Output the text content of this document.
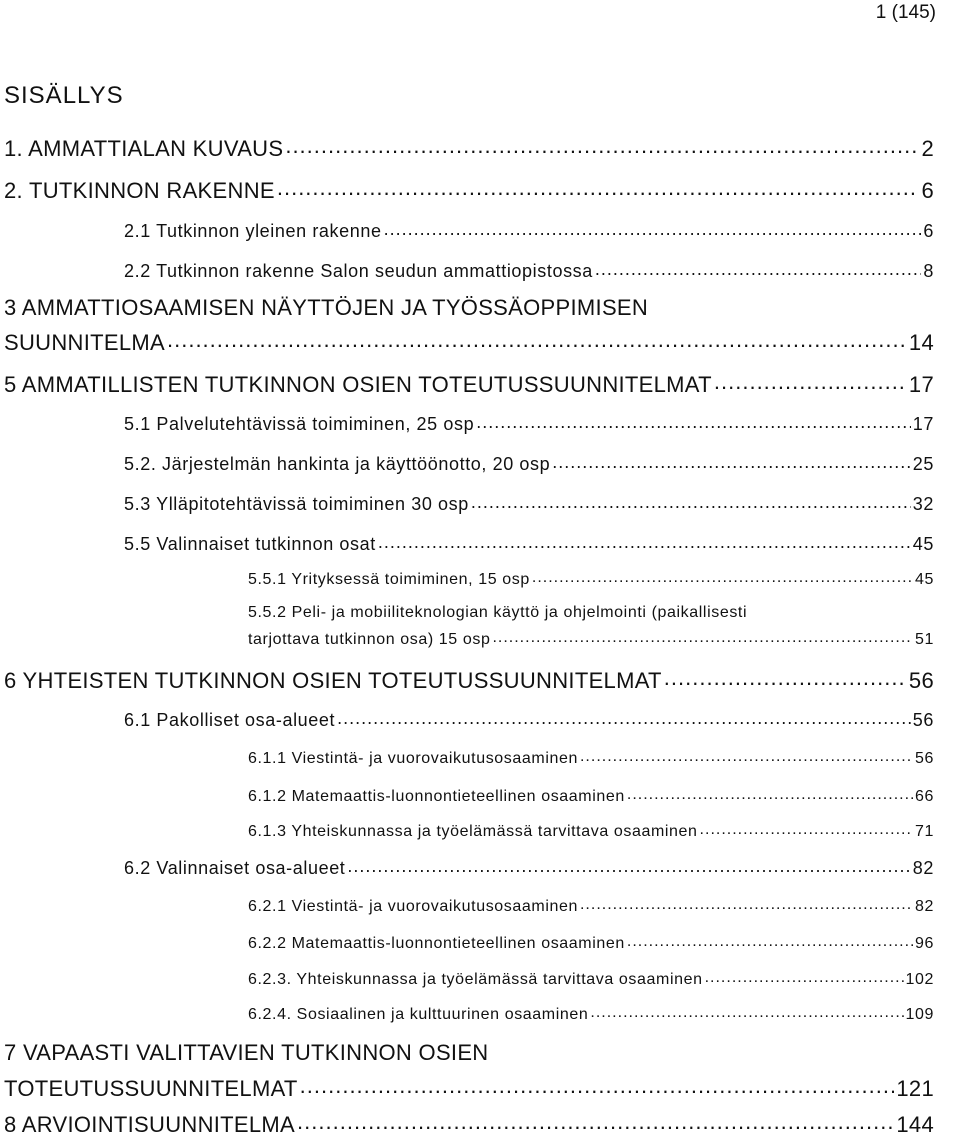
1 (145)
SISÄLLYS
1. AMMATTIALAN KUVAUS .....	2
2. TUTKINNON RAKENNE .....	6
2.1 Tutkinnon yleinen rakenne .....	6
2.2 Tutkinnon rakenne Salon seudun ammattiopistossa .....	8
3 AMMATTIOSAAMISEN NÄYTTÖJEN JA TYÖSSÄOPPIMISEN
SUUNNITELMA .....	14
5 AMMATILLISTEN TUTKINNON OSIEN TOTEUTUSSUUNNITELMAT .....	17
5.1 Palvelutehtävissä toimiminen, 25 osp .....	17
5.2. Järjestelmän hankinta ja käyttöönotto, 20 osp .....	25
5.3 Ylläpitotehtävissä toimiminen 30 osp .....	32
5.5 Valinnaiset tutkinnon osat .....	45
5.5.1 Yrityksessä toimiminen, 15 osp .....	45
5.5.2 Peli- ja mobiiliteknologian käyttö ja ohjelmointi (paikallisesti
tarjottava tutkinnon osa) 15 osp .....	51
6 YHTEISTEN TUTKINNON OSIEN TOTEUTUSSUUNNITELMAT .....	56
6.1 Pakolliset osa-alueet .....	56
6.1.1 Viestintä- ja vuorovaikutusosaaminen .....	56
6.1.2 Matemaattis-luonnontieteellinen osaaminen .....	66
6.1.3 Yhteiskunnassa ja työelämässä tarvittava osaaminen .....	71
6.2 Valinnaiset osa-alueet .....	82
6.2.1 Viestintä- ja vuorovaikutusosaaminen .....	82
6.2.2 Matemaattis-luonnontieteellinen osaaminen .....	96
6.2.3. Yhteiskunnassa ja työelämässä tarvittava osaaminen .....	102
6.2.4. Sosiaalinen ja kulttuurinen osaaminen .....	109
7 VAPAASTI VALITTAVIEN TUTKINNON OSIEN
TOTEUTUSSUUNNITELMAT .....	121
8 ARVIOINTISUUNNITELMA .....	144
